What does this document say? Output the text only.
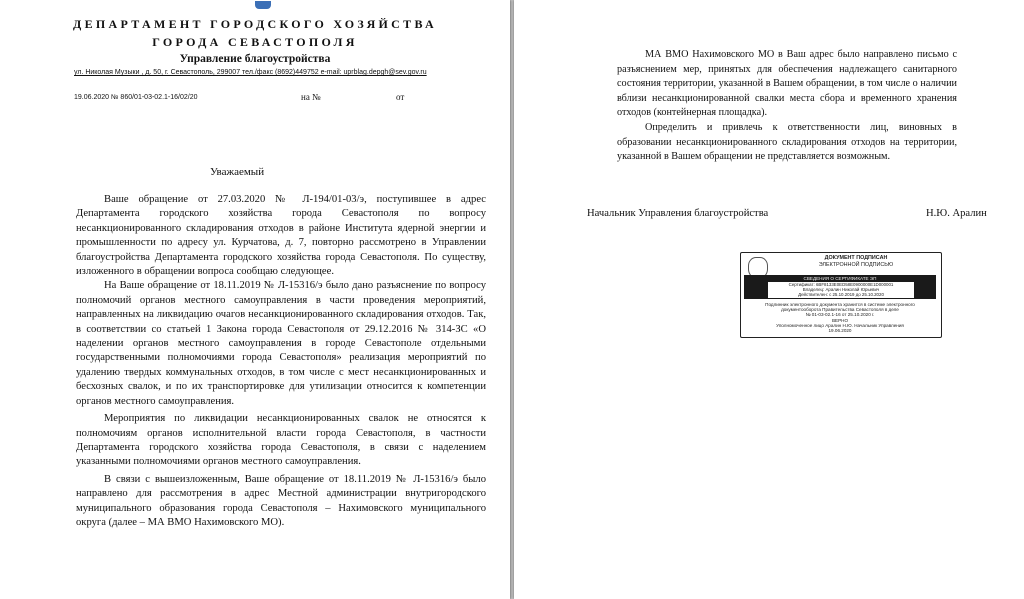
ДЕПАРТАМЕНТ ГОРОДСКОГО ХОЗЯЙСТВА
ГОРОДА СЕВАСТОПОЛЯ
Управление благоустройства
ул. Николая Музыки , д. 50, г. Севастополь, 299007 тел./факс (8692)449752 e-mail: uprblag.depgh@sev.gov.ru
19.06.2020 № 860/01-03-02.1-16/02/20	на №	от
Уважаемый

Ваше обращение от 27.03.2020 № Л-194/01-03/э, поступившее в адрес Департамента городского хозяйства города Севастополя по вопросу несанкционированного складирования отходов в районе Института ядерной энергии и промышленности по адресу ул. Курчатова, д. 7, повторно рассмотрено в Управлении благоустройства Департамента городского хозяйства города Севастополя. По существу, изложенного в обращении вопроса сообщаю следующее.

На Ваше обращение от 18.11.2019 № Л-15316/э было дано разъяснение по вопросу полномочий органов местного самоуправления в части проведения мероприятий, направленных на ликвидацию очагов несанкционированного складирования отходов. Так, в соответствии со статьей 1 Закона города Севастополя от 29.12.2016 № 314-ЗС «О наделении органов местного самоуправления в городе Севастополе отдельными государственными полномочиями города Севастополя» реализация мероприятий по удалению твердых коммунальных отходов, в том числе с мест несанкционированных и бесхозных свалок, и по их транспортировке для утилизации относится к компетенции органов местного самоуправления.

Мероприятия по ликвидации несанкционированных свалок не относятся к полномочиям органов исполнительной власти города Севастополя, в частности Департамента городского хозяйства города Севастополя, в связи с наделением указанными полномочиями органов местного самоуправления.

В связи с вышеизложенным, Ваше обращение от 18.11.2019 № Л-15316/э было направлено для рассмотрения в адрес Местной администрации внутригородского муниципального образования города Севастополя – Нахимовского муниципального округа (далее – МА ВМО Нахимовского МО).

МА ВМО Нахимовского МО в Ваш адрес было направлено письмо с разъяснением мер, принятых для обеспечения надлежащего санитарного состояния территории, указанной в Вашем обращении, в том числе о наличии вблизи несанкционированной свалки места сбора и временного хранения отходов (контейнерная площадка).

Определить и привлечь к ответственности лиц, виновных в образовании несанкционированного складирования отходов на территории, указанной в Вашем обращении не представляется возможным.

Начальник Управления благоустройства	Н.Ю. Аралин
ДОКУМЕНТ ПОДПИСАН
ЭЛЕКТРОННОЙ ПОДПИСЬЮ
СВЕДЕНИЯ О СЕРТИФИКАТЕ ЭП
Сертификат: 6BF8133E0ED58E0900000E1D000001
Владелец: Аралин Николай Юрьевич
Действителен: с 25.10.2019 до 25.10.2020
Подлинник электронного документа хранится в системе электронного
документооборота Правительства Севастополя в деле
№ 01-03-02.1-16 от 25.10.2020 г.
ВЕРНО
Уполномоченное лицо Аралин Н.Ю. Начальник Управления
19.06.2020
